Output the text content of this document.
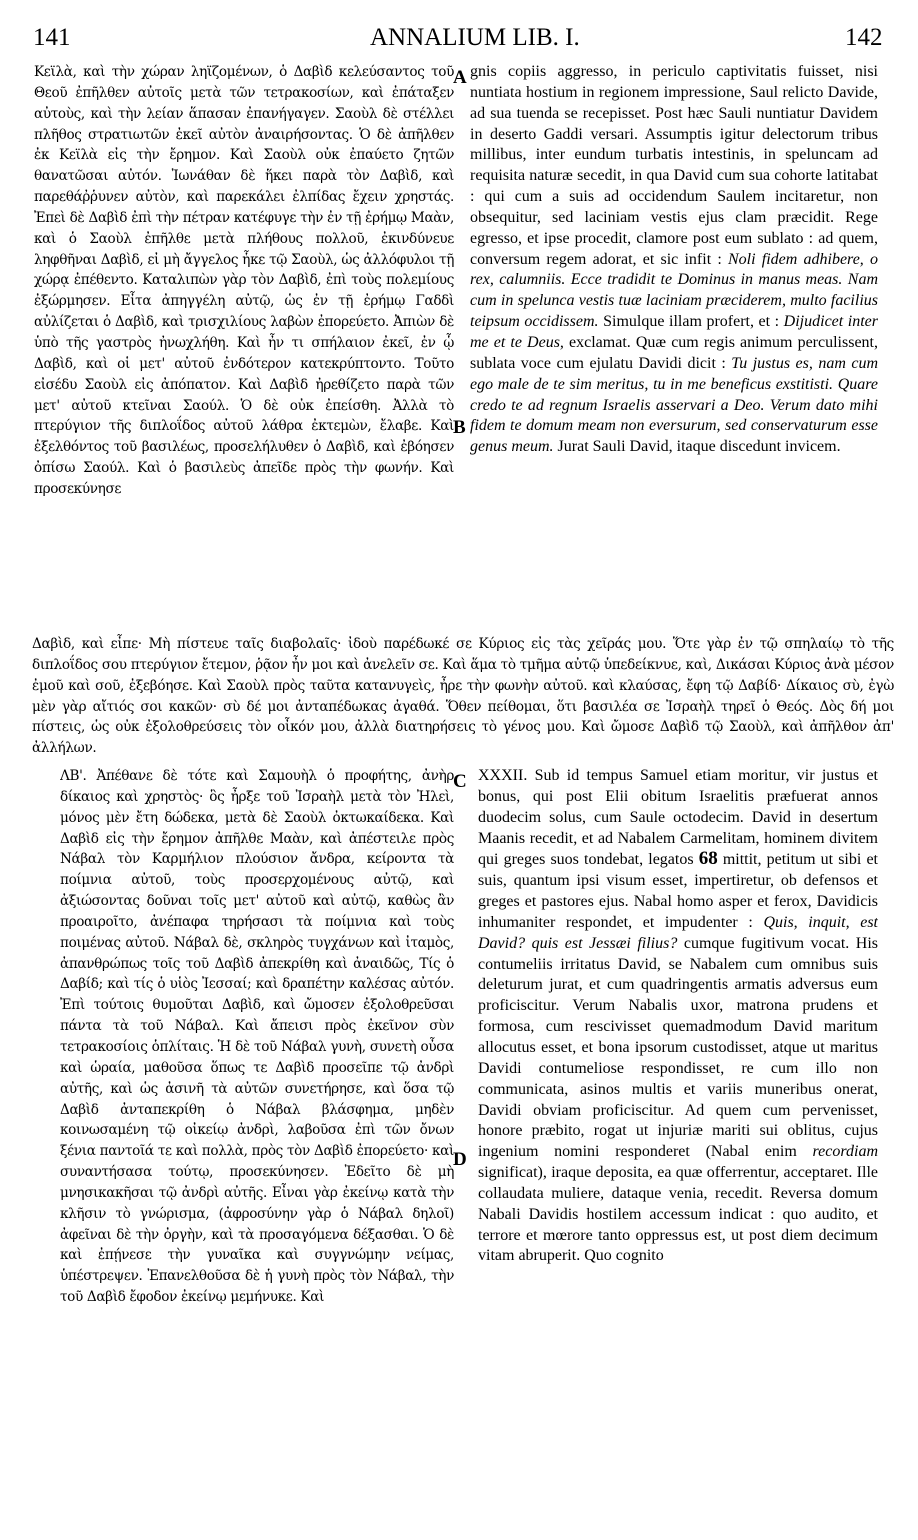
141	ANNALIUM LIB. I.	142

Κεϊλὰ, καὶ τὴν χώραν ληϊζομένων, ὁ Δαβὶδ κελεύσαντος τοῦ Θεοῦ ἐπῆλθεν αὐτοῖς μετὰ τῶν τετρακοσίων, καὶ ἐπάταξεν αὐτοὺς, καὶ τὴν λείαν ἅπασαν ἐπανήγαγεν. Σαοὺλ δὲ στέλλει πλῆθος στρατιωτῶν ἐκεῖ αὐτὸν ἀναιρήσοντας. Ὁ δὲ ἀπῆλθεν ἐκ Κεϊλὰ εἰς τὴν ἔρημον. Καὶ Σαοὺλ οὐκ ἐπαύετο ζητῶν θανατῶσαι αὐτόν. Ἰωνάθαν δὲ ἥκει παρὰ τὸν Δαβὶδ, καὶ παρεθάῤῥυνεν αὐτὸν, καὶ παρεκάλει ἐλπίδας ἔχειν χρηστάς. Ἐπεὶ δὲ Δαβὶδ ἐπὶ τὴν πέτραν κατέφυγε τὴν ἐν τῇ ἐρήμῳ Μαὰν, καὶ ὁ Σαοὺλ ἐπῆλθε μετὰ πλήθους πολλοῦ, ἐκινδύνευε ληφθῆναι Δαβὶδ, εἰ μὴ ἄγγελος ἧκε τῷ Σαοὺλ, ὡς ἀλλόφυλοι τῇ χώρᾳ ἐπέθεντο. Καταλιπὼν γὰρ τὸν Δαβὶδ, ἐπὶ τοὺς πολεμίους ἐξώρμησεν. Εἶτα ἀπηγγέλη αὐτῷ, ὡς ἐν τῇ ἐρήμῳ Γαδδὶ αὐλίζεται ὁ Δαβὶδ, καὶ τρισχιλίους λαβὼν ἐπορεύετο. Ἀπιὼν δὲ ὑπὸ τῆς γαστρὸς ἠνωχλήθη. Καὶ ἦν τι σπήλαιον ἐκεῖ, ἐν ᾧ Δαβὶδ, καὶ οἱ μετ' αὐτοῦ ἐνδότερον κατεκρύπτοντο. Τοῦτο εἰσέδυ Σαοὺλ εἰς ἀπόπατον. Καὶ Δαβὶδ ἠρεθίζετο παρὰ τῶν μετ' αὐτοῦ κτεῖναι Σαούλ. Ὁ δὲ οὐκ ἐπείσθη. Ἀλλὰ τὸ πτερύγιον τῆς διπλοΐδος αὐτοῦ λάθρα ἐκτεμὼν, ἔλαβε. Καὶ ἐξελθόντος τοῦ βασιλέως, προσελήλυθεν ὁ Δαβὶδ, καὶ ἐβόησεν ὀπίσω Σαούλ. Καὶ ὁ βασιλεὺς ἀπεῖδε πρὸς τὴν φωνήν. Καὶ προσεκύνησε

A
B

gnis copiis aggresso, in periculo captivitatis fuisset, nisi nuntiata hostium in regionem impressione, Saul relicto Davide, ad sua tuenda se recepisset. Post hæc Sauli nuntiatur Davidem in deserto Gaddi versari. Assumptis igitur delectorum tribus millibus, inter eundum turbatis intestinis, in speluncam ad requisita naturæ secedit, in qua David cum sua cohorte latitabat : qui cum a suis ad occidendum Saulem incitaretur, non obsequitur, sed laciniam vestis ejus clam præcidit. Rege egresso, et ipse procedit, clamore post eum sublato : ad quem, conversum regem adorat, et sic infit : Noli fidem adhibere, o rex, calumniis. Ecce tradidit te Dominus in manus meas. Nam cum in spelunca vestis tuæ laciniam præciderem, multo facilius teipsum occidissem. Simulque illam profert, et : Dijudicet inter me et te Deus, exclamat. Quæ cum regis animum perculissent, sublata voce cum ejulatu Davidi dicit : Tu justus es, nam cum ego male de te sim meritus, tu in me beneficus exstitisti. Quare credo te ad regnum Israelis asservari a Deo. Verum dato mihi fidem te domum meam non eversurum, sed conservaturum esse genus meum. Jurat Sauli David, itaque discedunt invicem.

Δαβὶδ, καὶ εἶπε· Μὴ πίστευε ταῖς διαβολαῖς· ἰδοὺ παρέδωκέ σε Κύριος εἰς τὰς χεῖράς μου. Ὅτε γὰρ ἐν τῷ σπηλαίῳ τὸ τῆς διπλοΐδος σου πτερύγιον ἔτεμον, ῥᾷον ἦν μοι καὶ ἀνελεῖν σε. Καὶ ἅμα τὸ τμῆμα αὐτῷ ὑπεδείκνυε, καὶ, Δικάσαι Κύριος ἀνὰ μέσον ἐμοῦ καὶ σοῦ, ἐξεβόησε. Καὶ Σαοὺλ πρὸς ταῦτα κατανυγεὶς, ἦρε τὴν φωνὴν αὐτοῦ. καὶ κλαύσας, ἔφη τῷ Δαβίδ· Δίκαιος σὺ, ἐγὼ μὲν γὰρ αἴτιός σοι κακῶν· σὺ δέ μοι ἀνταπέδωκας ἀγαθά. Ὅθεν πείθομαι, ὅτι βασιλέα σε Ἰσραὴλ τηρεῖ ὁ Θεός. Δὸς δή μοι πίστεις, ὡς οὐκ ἐξολοθρεύσεις τὸν οἶκόν μου, ἀλλὰ διατηρήσεις τὸ γένος μου. Καὶ ὤμοσε Δαβὶδ τῷ Σαοὺλ, καὶ ἀπῆλθον ἀπ' ἀλλήλων.

ΛΒ'. Ἀπέθανε δὲ τότε καὶ Σαμουὴλ ὁ προφήτης, ἀνὴρ δίκαιος καὶ χρηστὸς· ὃς ἦρξε τοῦ Ἰσραὴλ μετὰ τὸν Ἠλεὶ, μόνος μὲν ἔτη δώδεκα, μετὰ δὲ Σαοὺλ ὀκτωκαίδεκα. Καὶ Δαβὶδ εἰς τὴν ἔρημον ἀπῆλθε Μαὰν, καὶ ἀπέστειλε πρὸς Νάβαλ τὸν Καρμήλιον πλούσιον ἄνδρα, κείροντα τὰ ποίμνια αὐτοῦ, τοὺς προσερχομένους αὐτῷ, καὶ ἀξιώσοντας δοῦναι τοῖς μετ' αὐτοῦ καὶ αὐτῷ, καθὼς ἂν προαιροῖτο, ἀνέπαφα τηρήσασι τὰ ποίμνια καὶ τοὺς ποιμένας αὐτοῦ. Νάβαλ δὲ, σκληρὸς τυγχάνων καὶ ἰταμὸς, ἀπανθρώπως τοῖς τοῦ Δαβὶδ ἀπεκρίθη καὶ ἀναιδῶς, Τίς ὁ Δαβίδ; καὶ τίς ὁ υἱὸς Ἰεσσαί; καὶ δραπέτην καλέσας αὐτόν. Ἐπὶ τούτοις θυμοῦται Δαβὶδ, καὶ ὤμοσεν ἐξολοθρεῦσαι πάντα τὰ τοῦ Νάβαλ. Καὶ ἄπεισι πρὸς ἐκεῖνον σὺν τετρακοσίοις ὁπλίταις. Ἡ δὲ τοῦ Νάβαλ γυνὴ, συνετὴ οὖσα καὶ ὡραία, μαθοῦσα ὅπως τε Δαβὶδ προσεῖπε τῷ ἀνδρὶ αὐτῆς, καὶ ὡς ἀσινῆ τὰ αὐτῶν συνετήρησε, καὶ ὅσα τῷ Δαβὶδ ἀνταπεκρίθη ὁ Νάβαλ βλάσφημα, μηδὲν κοινωσαμένη τῷ οἰκείῳ ἀνδρὶ, λαβοῦσα ἐπὶ τῶν ὄνων ξένια παντοῖά τε καὶ πολλὰ, πρὸς τὸν Δαβὶδ ἐπορεύετο· καὶ συναντήσασα τούτῳ, προσεκύνησεν. Ἐδεῖτο δὲ μὴ μνησικακῆσαι τῷ ἀνδρὶ αὐτῆς. Εἶναι γὰρ ἐκείνῳ κατὰ τὴν κλῆσιν τὸ γνώρισμα, (ἀφροσύνην γὰρ ὁ Νάβαλ δηλοῖ) ἀφεῖναι δὲ τὴν ὀργὴν, καὶ τὰ προσαγόμενα δέξασθαι. Ὁ δὲ καὶ ἐπῄνεσε τὴν γυναῖκα καὶ συγγνώμην νείμας, ὑπέστρεψεν. Ἐπανελθοῦσα δὲ ἡ γυνὴ πρὸς τὸν Νάβαλ, τὴν τοῦ Δαβὶδ ἔφοδον ἐκείνῳ μεμήνυκε. Καὶ

C
D

XXXII. Sub id tempus Samuel etiam moritur, vir justus et bonus, qui post Elii obitum Israelitis præfuerat annos duodecim solus, cum Saule octodecim. David in desertum Maanis recedit, et ad Nabalem Carmelitam, hominem divitem qui greges suos tondebat, legatos 68 mittit, petitum ut sibi et suis, quantum ipsi visum esset, impertiretur, ob defensos et greges et pastores ejus. Nabal homo asper et ferox, Davidicis inhumaniter respondet, et impudenter : Quis, inquit, est David? quis est Jessæi filius? cumque fugitivum vocat. His contumeliis irritatus David, se Nabalem cum omnibus suis deleturum jurat, et cum quadringentis armatis adversus eum proficiscitur. Verum Nabalis uxor, matrona prudens et formosa, cum rescivisset quemadmodum David maritum allocutus esset, et bona ipsorum custodisset, atque ut maritus Davidi contumeliose respondisset, re cum illo non communicata, asinos multis et variis muneribus onerat, Davidi obviam proficiscitur. Ad quem cum pervenisset, honore præbito, rogat ut injuriæ mariti sui oblitus, cujus ingenium nomini responderet (Nabal enim recordiam significat), iraque deposita, ea quæ offerrentur, acceptaret. Ille collaudata muliere, dataque venia, recedit. Reversa domum Nabali Davidis hostilem accessum indicat : quo audito, et terrore et mœrore tanto oppressus est, ut post diem decimum vitam abruperit. Quo cognito
